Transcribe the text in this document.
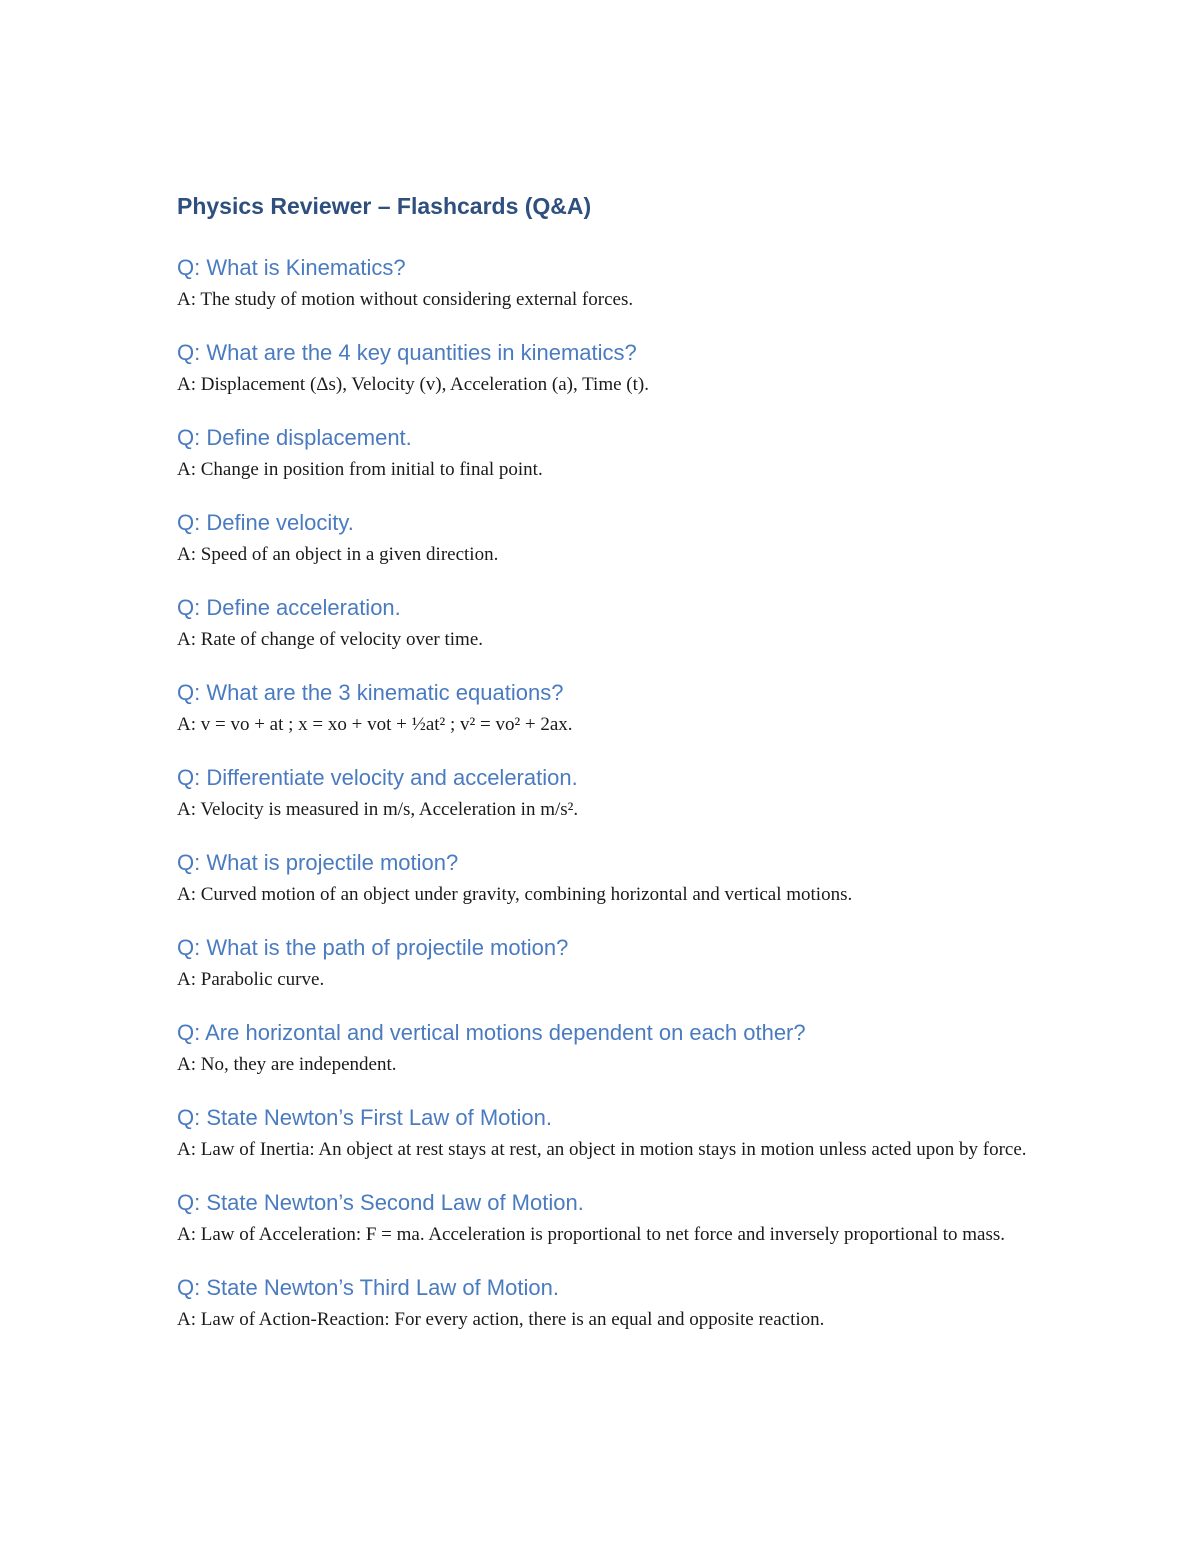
Physics Reviewer – Flashcards (Q&A)
Q: What is Kinematics?
A: The study of motion without considering external forces.
Q: What are the 4 key quantities in kinematics?
A: Displacement (Δs), Velocity (v), Acceleration (a), Time (t).
Q: Define displacement.
A: Change in position from initial to final point.
Q: Define velocity.
A: Speed of an object in a given direction.
Q: Define acceleration.
A: Rate of change of velocity over time.
Q: What are the 3 kinematic equations?
A: v = vo + at ; x = xo + vot + ½at² ; v² = vo² + 2ax.
Q: Differentiate velocity and acceleration.
A: Velocity is measured in m/s, Acceleration in m/s².
Q: What is projectile motion?
A: Curved motion of an object under gravity, combining horizontal and vertical motions.
Q: What is the path of projectile motion?
A: Parabolic curve.
Q: Are horizontal and vertical motions dependent on each other?
A: No, they are independent.
Q: State Newton’s First Law of Motion.
A: Law of Inertia: An object at rest stays at rest, an object in motion stays in motion unless acted upon by force.
Q: State Newton’s Second Law of Motion.
A: Law of Acceleration: F = ma. Acceleration is proportional to net force and inversely proportional to mass.
Q: State Newton’s Third Law of Motion.
A: Law of Action-Reaction: For every action, there is an equal and opposite reaction.
